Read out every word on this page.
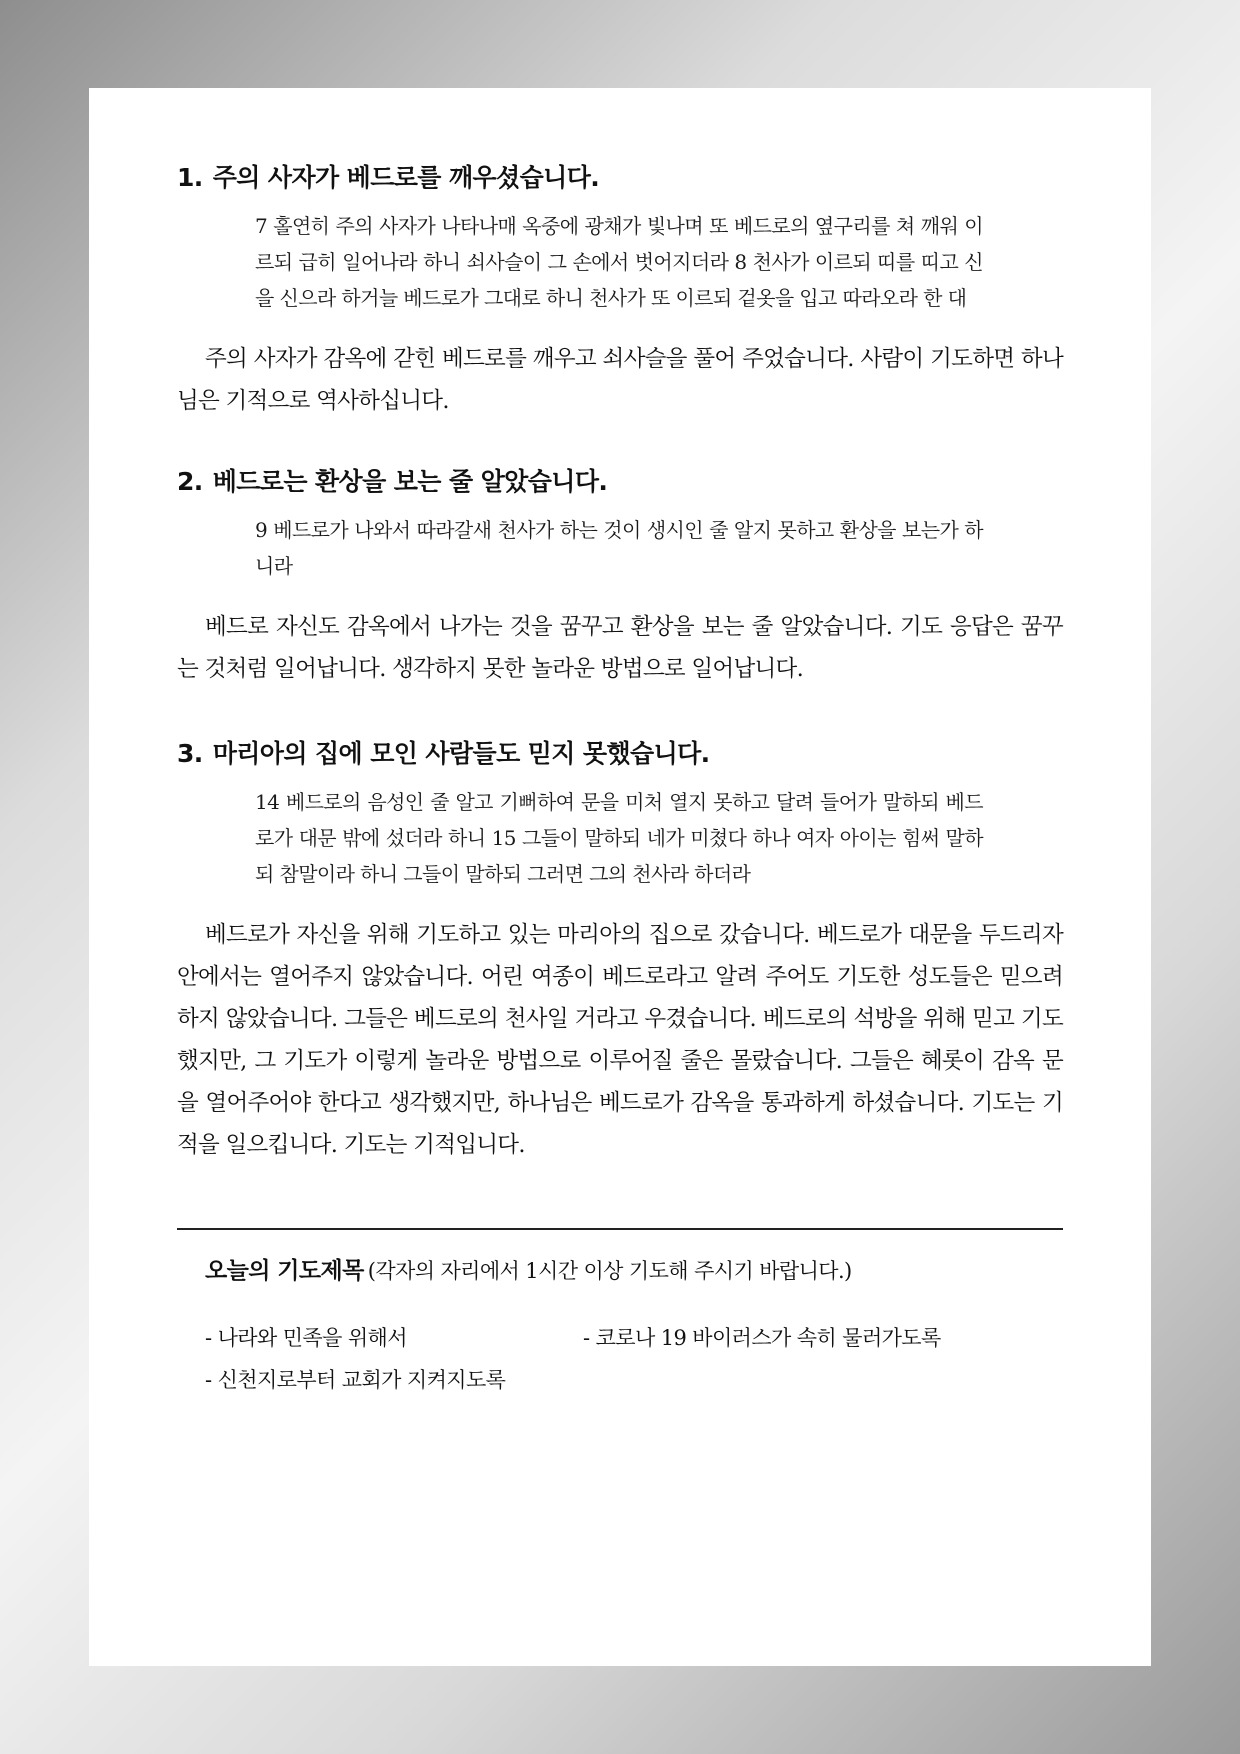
1. 주의 사자가 베드로를 깨우셨습니다.

7 홀연히 주의 사자가 나타나매 옥중에 광채가 빛나며 또 베드로의 옆구리를 쳐 깨워 이르되 급히 일어나라 하니 쇠사슬이 그 손에서 벗어지더라 8 천사가 이르되 띠를 띠고 신을 신으라 하거늘 베드로가 그대로 하니 천사가 또 이르되 겉옷을 입고 따라오라 한 대

주의 사자가 감옥에 갇힌 베드로를 깨우고 쇠사슬을 풀어 주었습니다. 사람이 기도하면 하나님은 기적으로 역사하십니다.

2. 베드로는 환상을 보는 줄 알았습니다.

9 베드로가 나와서 따라갈새 천사가 하는 것이 생시인 줄 알지 못하고 환상을 보는가 하니라

베드로 자신도 감옥에서 나가는 것을 꿈꾸고 환상을 보는 줄 알았습니다. 기도 응답은 꿈꾸는 것처럼 일어납니다. 생각하지 못한 놀라운 방법으로 일어납니다.

3. 마리아의 집에 모인 사람들도 믿지 못했습니다.

14 베드로의 음성인 줄 알고 기뻐하여 문을 미처 열지 못하고 달려 들어가 말하되 베드로가 대문 밖에 섰더라 하니 15 그들이 말하되 네가 미쳤다 하나 여자 아이는 힘써 말하되 참말이라 하니 그들이 말하되 그러면 그의 천사라 하더라

베드로가 자신을 위해 기도하고 있는 마리아의 집으로 갔습니다. 베드로가 대문을 두드리자 안에서는 열어주지 않았습니다. 어린 여종이 베드로라고 알려 주어도 기도한 성도들은 믿으려 하지 않았습니다. 그들은 베드로의 천사일 거라고 우겼습니다. 베드로의 석방을 위해 믿고 기도했지만, 그 기도가 이렇게 놀라운 방법으로 이루어질 줄은 몰랐습니다. 그들은 혜롯이 감옥 문을 열어주어야 한다고 생각했지만, 하나님은 베드로가 감옥을 통과하게 하셨습니다. 기도는 기적을 일으킵니다. 기도는 기적입니다.

오늘의 기도제목 (각자의 자리에서 1시간 이상 기도해 주시기 바랍니다.)
- 나라와 민족을 위해서	- 코로나 19 바이러스가 속히 물러가도록
- 신천지로부터 교회가 지켜지도록
